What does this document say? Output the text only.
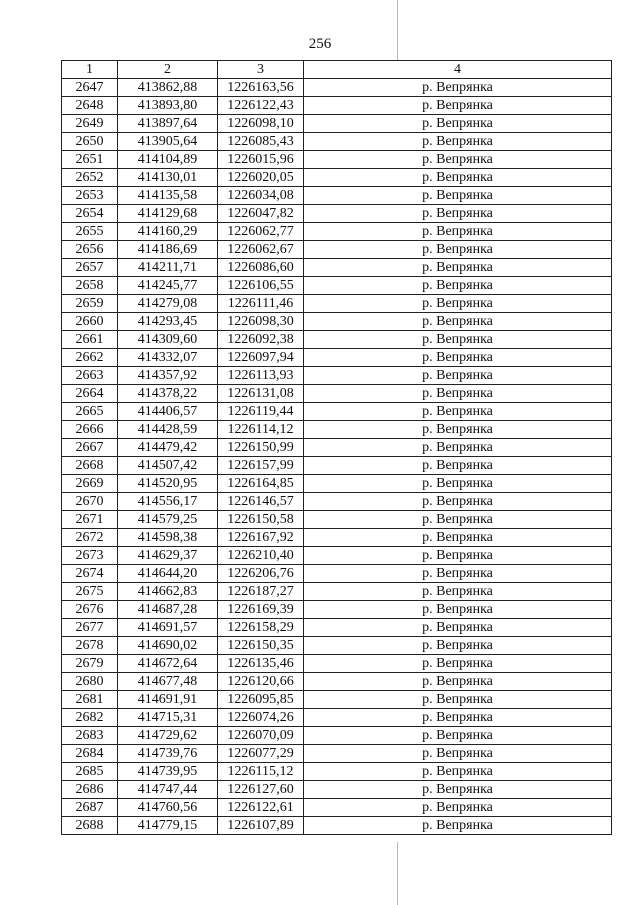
256
1	2	3	4
2647	413862,88	1226163,56	р. Вепрянка
2648	413893,80	1226122,43	р. Вепрянка
2649	413897,64	1226098,10	р. Вепрянка
2650	413905,64	1226085,43	р. Вепрянка
2651	414104,89	1226015,96	р. Вепрянка
2652	414130,01	1226020,05	р. Вепрянка
2653	414135,58	1226034,08	р. Вепрянка
2654	414129,68	1226047,82	р. Вепрянка
2655	414160,29	1226062,77	р. Вепрянка
2656	414186,69	1226062,67	р. Вепрянка
2657	414211,71	1226086,60	р. Вепрянка
2658	414245,77	1226106,55	р. Вепрянка
2659	414279,08	1226111,46	р. Вепрянка
2660	414293,45	1226098,30	р. Вепрянка
2661	414309,60	1226092,38	р. Вепрянка
2662	414332,07	1226097,94	р. Вепрянка
2663	414357,92	1226113,93	р. Вепрянка
2664	414378,22	1226131,08	р. Вепрянка
2665	414406,57	1226119,44	р. Вепрянка
2666	414428,59	1226114,12	р. Вепрянка
2667	414479,42	1226150,99	р. Вепрянка
2668	414507,42	1226157,99	р. Вепрянка
2669	414520,95	1226164,85	р. Вепрянка
2670	414556,17	1226146,57	р. Вепрянка
2671	414579,25	1226150,58	р. Вепрянка
2672	414598,38	1226167,92	р. Вепрянка
2673	414629,37	1226210,40	р. Вепрянка
2674	414644,20	1226206,76	р. Вепрянка
2675	414662,83	1226187,27	р. Вепрянка
2676	414687,28	1226169,39	р. Вепрянка
2677	414691,57	1226158,29	р. Вепрянка
2678	414690,02	1226150,35	р. Вепрянка
2679	414672,64	1226135,46	р. Вепрянка
2680	414677,48	1226120,66	р. Вепрянка
2681	414691,91	1226095,85	р. Вепрянка
2682	414715,31	1226074,26	р. Вепрянка
2683	414729,62	1226070,09	р. Вепрянка
2684	414739,76	1226077,29	р. Вепрянка
2685	414739,95	1226115,12	р. Вепрянка
2686	414747,44	1226127,60	р. Вепрянка
2687	414760,56	1226122,61	р. Вепрянка
2688	414779,15	1226107,89	р. Вепрянка
